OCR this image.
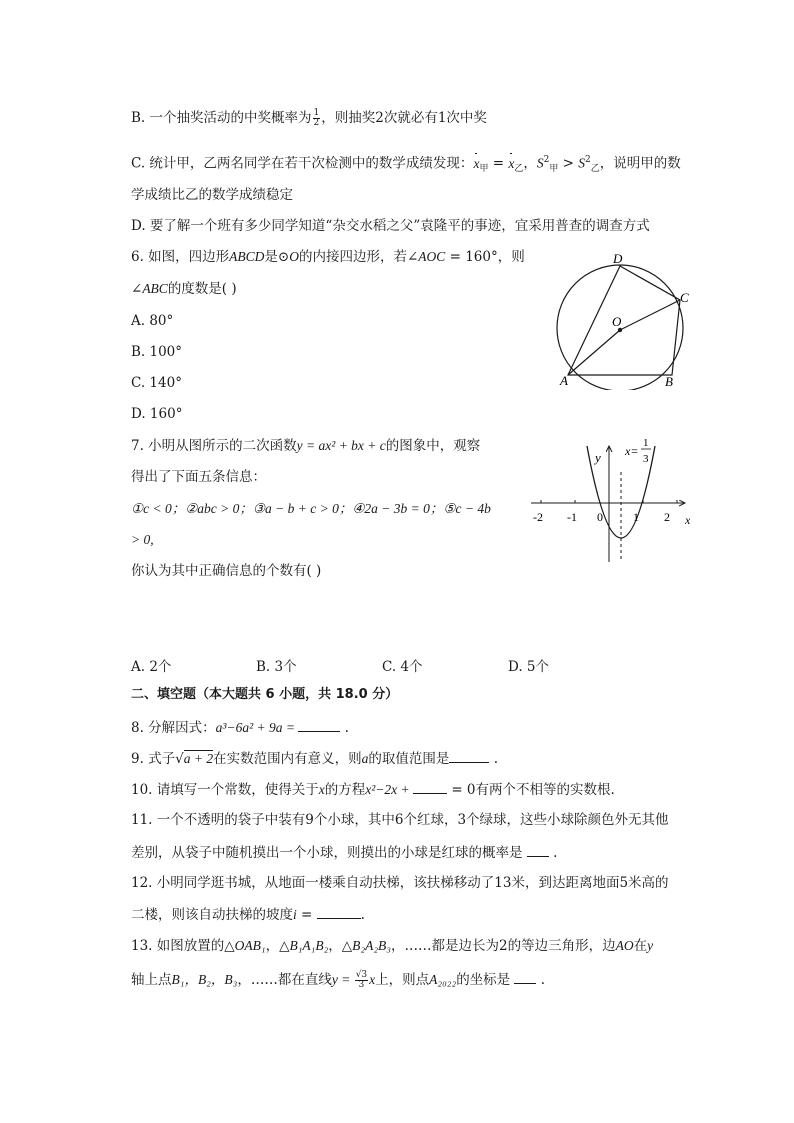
B. 一个抽奖活动的中奖概率为 $\frac{1}{2}$ ，则抽奖2次就必有1次中奖
C. 统计甲，乙两名同学在若干次检测中的数学成绩发现：$x_甲 = x_乙$，$S^2_甲 > S^2_乙$，说明甲的数
学成绩比乙的数学成绩稳定
D. 要了解一个班有多少同学知道“杂交水稻之父”袁隆平的事迹，宜采用普查的调查方式
6. 如图，四边形ABCD是⊙O的内接四边形，若∠AOC = 160°，则
∠ABC的度数是( )
A. 80°
B. 100°
C. 140°
D. 160°
D
C
O
A	B
7. 小明从图所示的二次函数y = ax² + bx + c的图象中，观察
得出了下面五条信息：
①c < 0；②abc > 0；③a − b + c > 0；④2a − 3b = 0；⑤c − 4b
> 0,
你认为其中正确信息的个数有( )
-2 -1 0	1 2 x
y x=
1
3
A. 2个	B. 3个	C. 4个	D. 5个
二、填空题（本大题共 6 小题，共 18.0 分）
8. 分解因式：a³−6a² + 9a =	.
9. 式子√a + 2在实数范围内有意义，则a的取值范围是	.
10. 请填写一个常数，使得关于x的方程x²−2x +	= 0有两个不相等的实数根.
11. 一个不透明的袋子中装有9个小球，其中6个红球，3个绿球，这些小球除颜色外无其他
差别，从袋子中随机摸出一个小球，则摸出的小球是红球的概率是  .
12. 小明同学逛书城，从地面一楼乘自动扶梯，该扶梯移动了13米，到达距离地面5米高的
二楼，则该自动扶梯的坡度i =	.
13. 如图放置的△OAB₁，△B₁A₁B₂，△B₂A₂B₃，……都是边长为2的等边三角形，边AO在y
轴上点B₁，B₂，B₃，……都在直线$y = \frac{√3}{3}$ x上，则点A₂₀₂₂的坐标是  .
